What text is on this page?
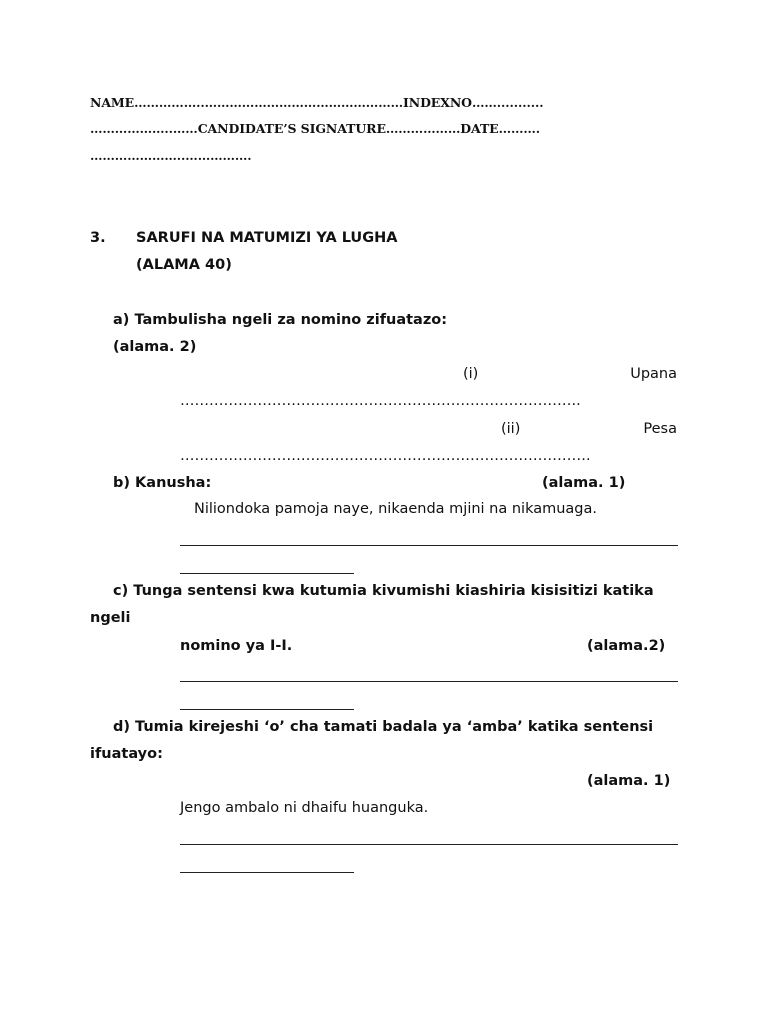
NAME……………..…………………………………………INDEXNO……...........
………………..……CANDIDATE’S SIGNATURE………………DATE……….
…………………..…………….
3. SARUFI NA MATUMIZI YA LUGHA
(ALAMA 40)
a) Tambulisha ngeli za nomino zifuatazo:
(alama. 2)
(i)	Upana
………………………………………………………………………..
(ii)	Pesa
………………………………………………………………………….
b) Kanusha:	(alama. 1)
Niliondoka pamoja naye, nikaenda mjini na nikamuaga.
c) Tunga sentensi kwa kutumia kivumishi kiashiria kisisitizi katika
ngeli
nomino ya I-I.	(alama.2)
d) Tumia kirejeshi ‘o’ cha tamati badala ya ‘amba’ katika sentensi
ifuatayo:
(alama. 1)
Jengo ambalo ni dhaifu huanguka.
